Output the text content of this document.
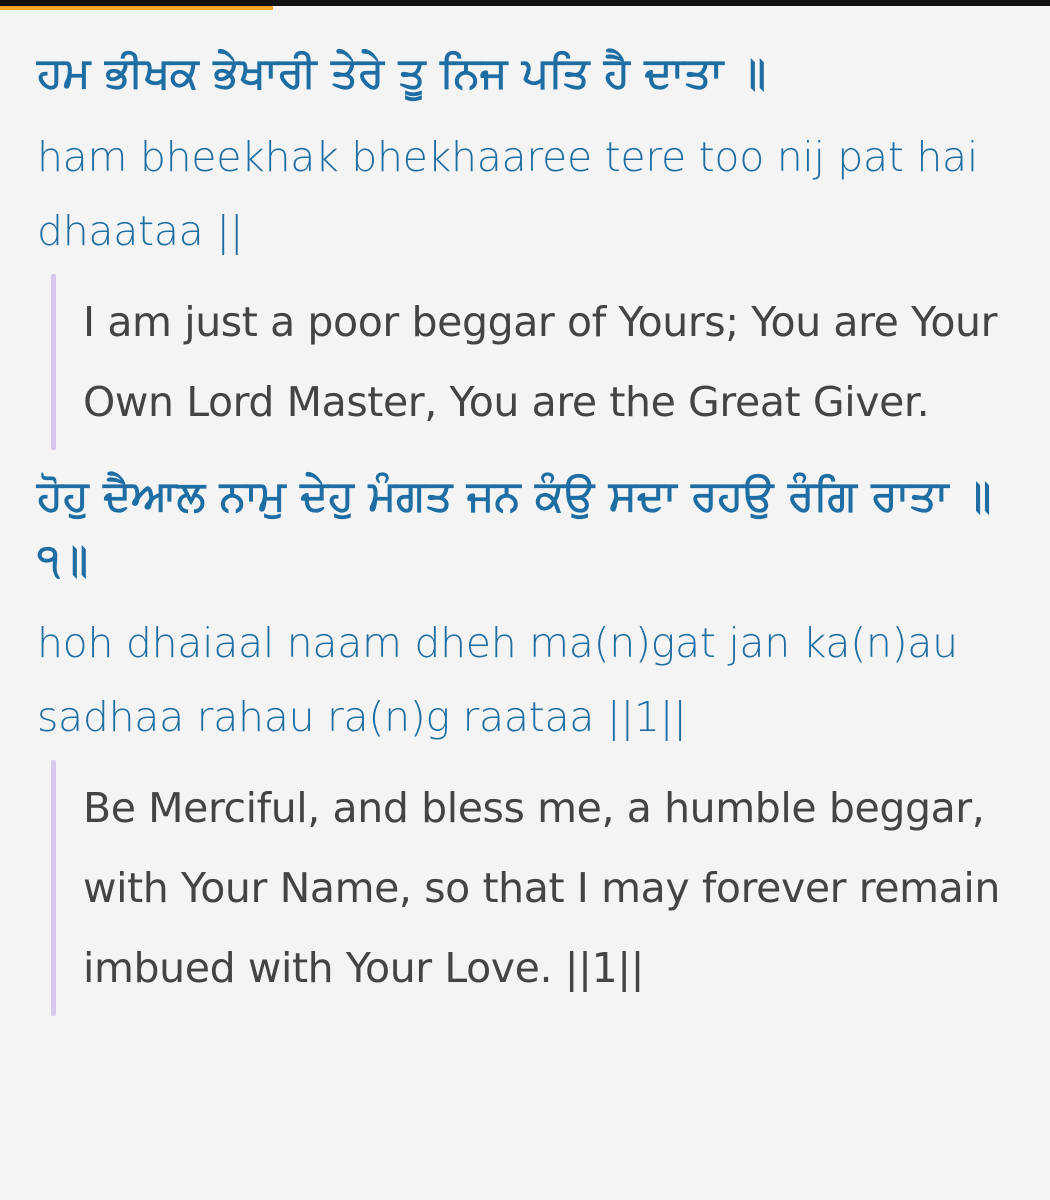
ਹਮ ਭੀਖਕ ਭੇਖਾਰੀ ਤੇਰੇ ਤੂ ਨਿਜ ਪਤਿ ਹੈ ਦਾਤਾ ॥

ham bheekhak bhekhaaree tere too nij pat hai dhaataa ||

I am just a poor beggar of Yours; You are Your Own Lord Master, You are the Great Giver.

ਹੋਹੁ ਦੈਆਲ ਨਾਮੁ ਦੇਹੁ ਮੰਗਤ ਜਨ ਕੰਉ ਸਦਾ ਰਹਉ ਰੰਗਿ ਰਾਤਾ ॥੧॥

hoh dhaiaal naam dheh ma(n)gat jan ka(n)au sadhaa rahau ra(n)g raataa ||1||

Be Merciful, and bless me, a humble beggar, with Your Name, so that I may forever remain imbued with Your Love. ||1||
